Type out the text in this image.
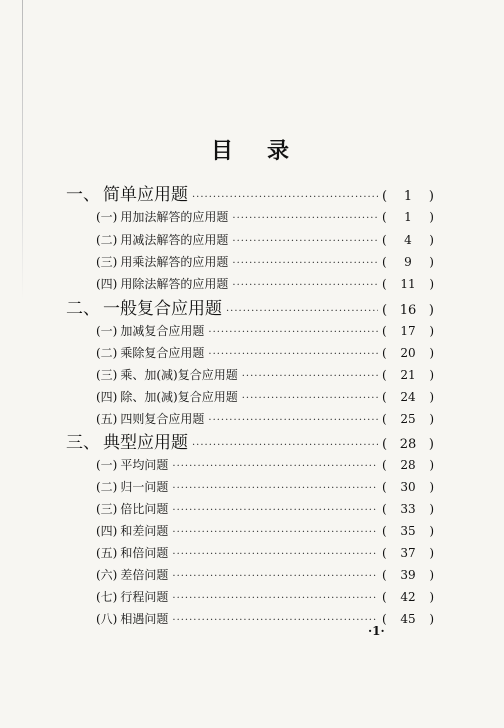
目 录
一、 简单应用题 ·····	( 1 )
(一) 用加法解答的应用题 ·····	( 1 )
(二) 用减法解答的应用题 ·····	( 4 )
(三) 用乘法解答的应用题 ·····	( 9 )
(四) 用除法解答的应用题 ·····	( 11 )
二、 一般复合应用题 ·····	( 16 )
(一) 加减复合应用题 ·····	( 17 )
(二) 乘除复合应用题 ·····	( 20 )
(三) 乘、加(减)复合应用题 ·····	( 21 )
(四) 除、加(减)复合应用题 ·····	( 24 )
(五) 四则复合应用题 ·····	( 25 )
三、 典型应用题 ·····	( 28 )
(一) 平均问题 ·····	( 28 )
(二) 归一问题 ·····	( 30 )
(三) 倍比问题 ·····	( 33 )
(四) 和差问题 ·····	( 35 )
(五) 和倍问题 ·····	( 37 )
(六) 差倍问题 ·····	( 39 )
(七) 行程问题 ·····	( 42 )
(八) 相遇问题 ·····	( 45 )
·1·
